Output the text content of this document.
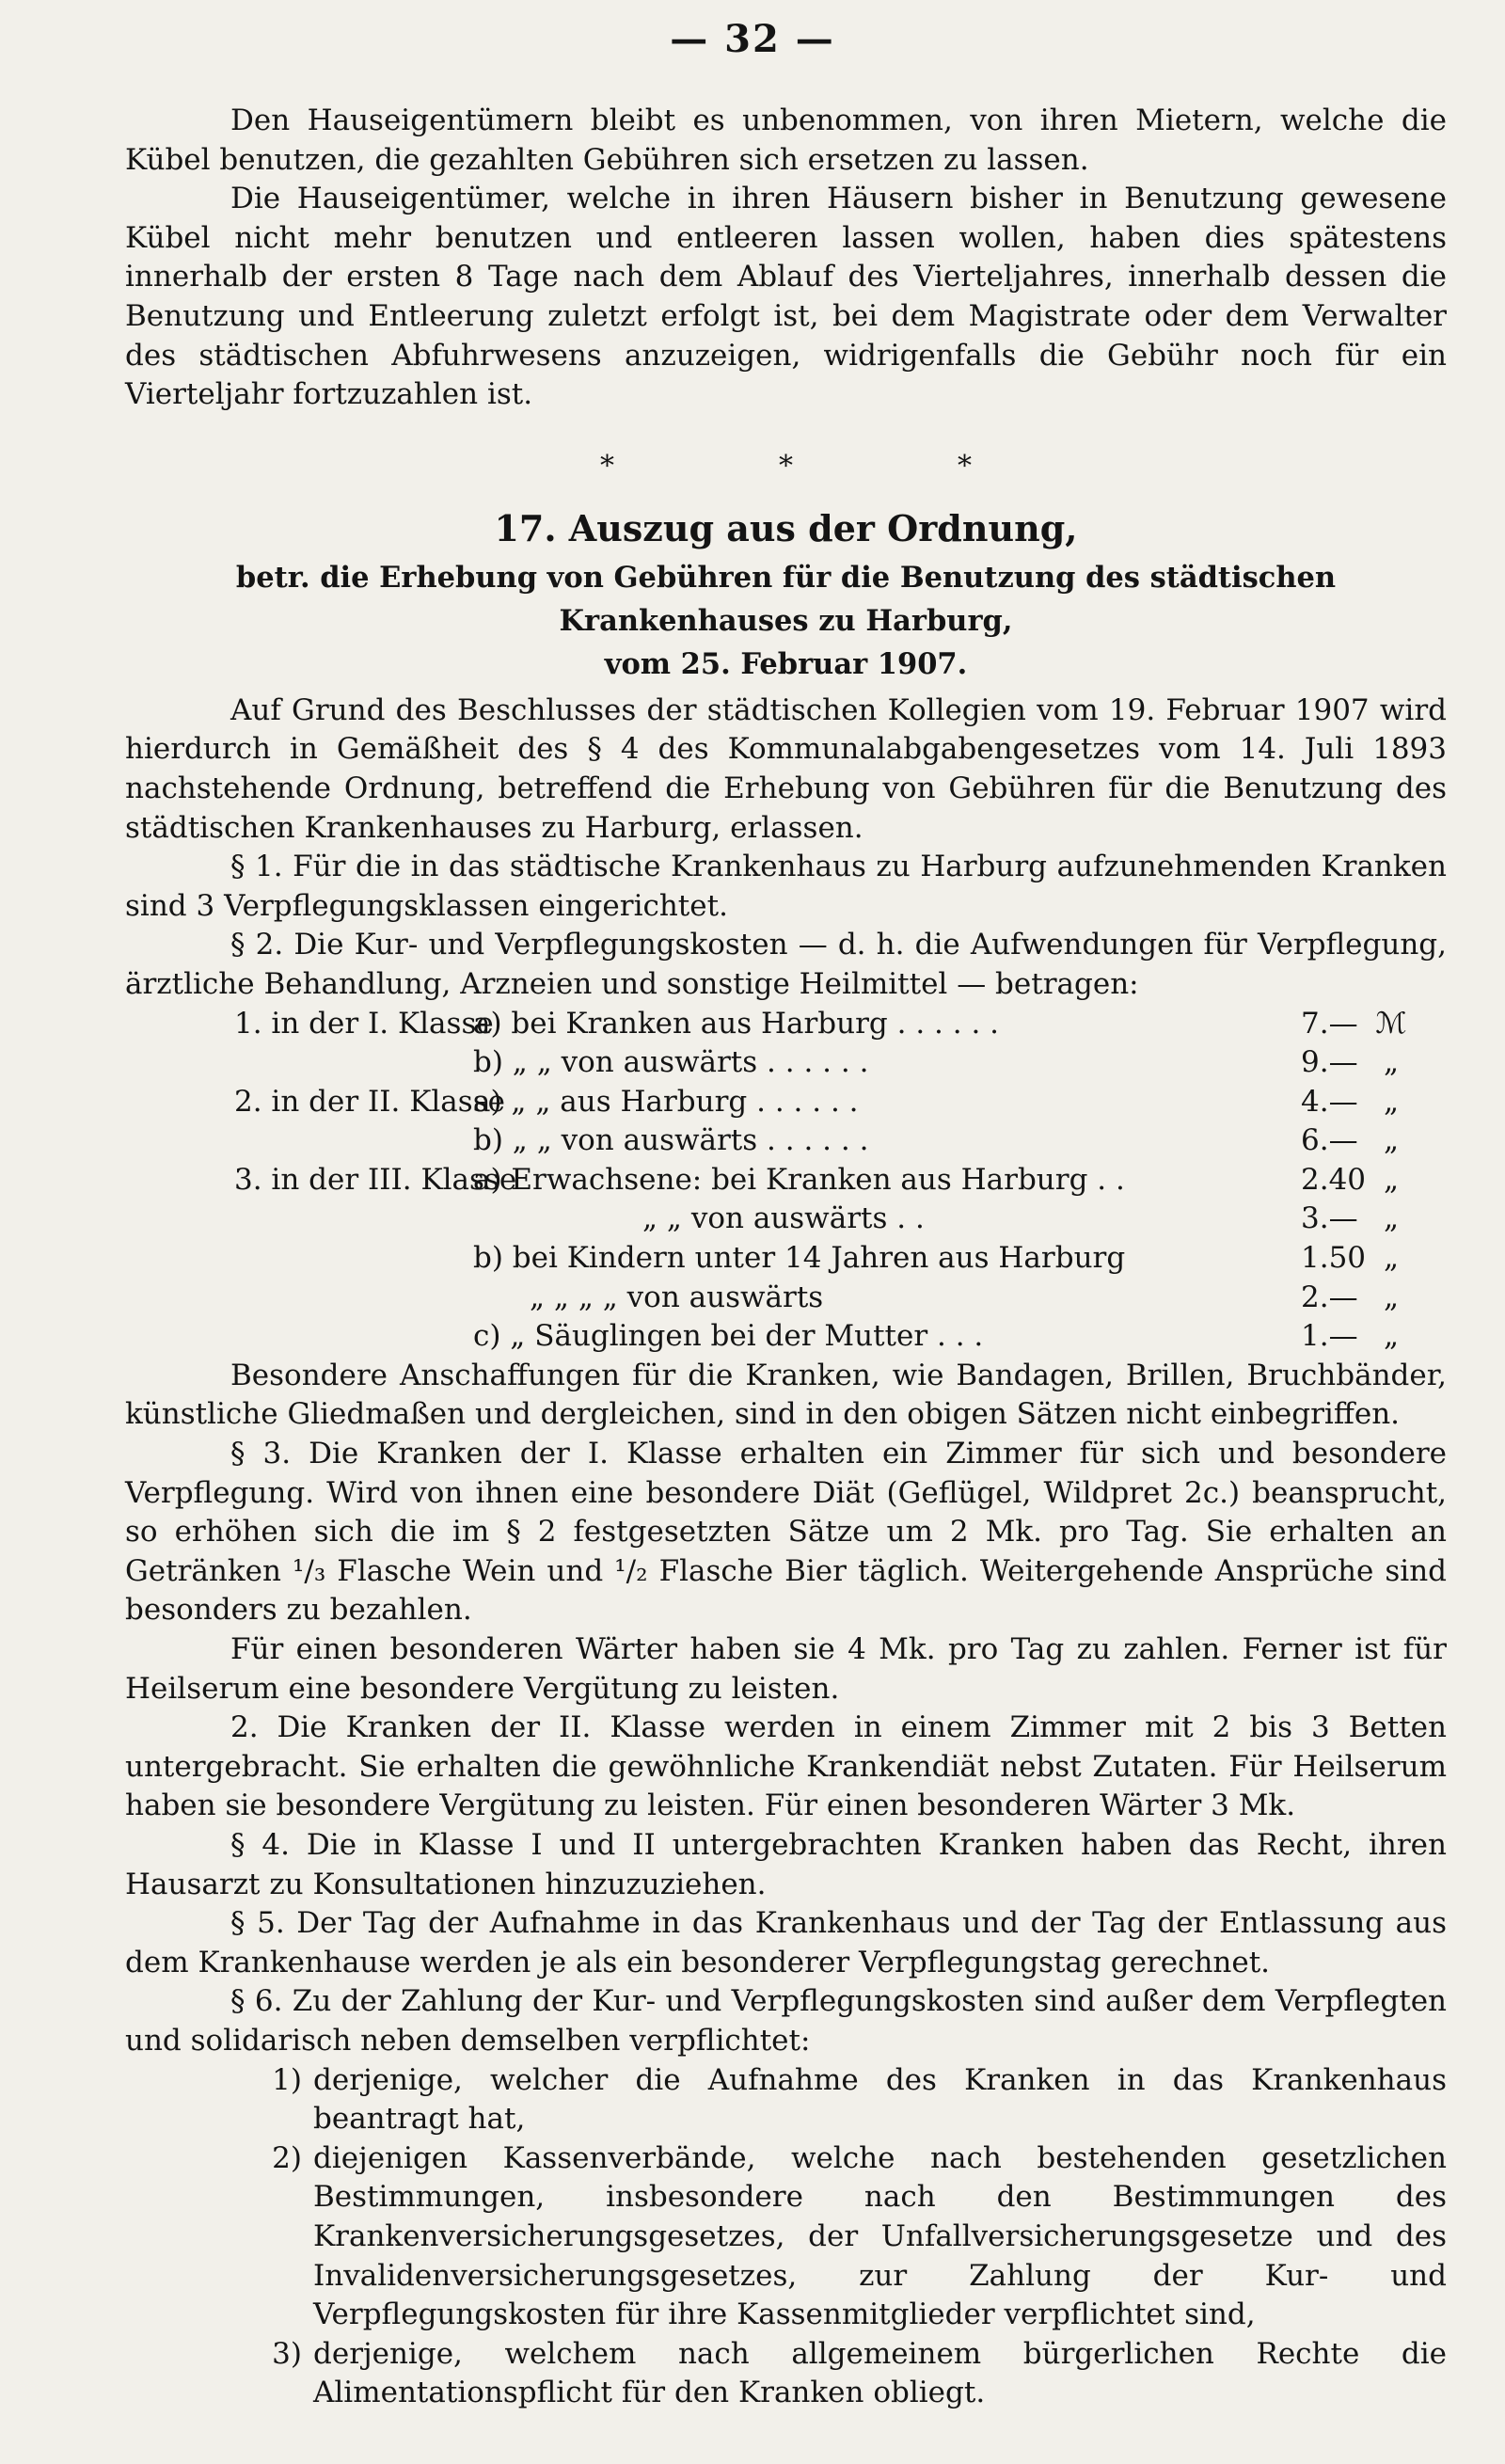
— 32 —

Den Hauseigentümern bleibt es unbenommen, von ihren Mietern, welche die Kübel benutzen, die gezahlten Gebühren sich ersetzen zu lassen.

Die Hauseigentümer, welche in ihren Häusern bisher in Benutzung gewesene Kübel nicht mehr benutzen und entleeren lassen wollen, haben dies spätestens innerhalb der ersten 8 Tage nach dem Ablauf des Vierteljahres, innerhalb dessen die Benutzung und Entleerung zuletzt erfolgt ist, bei dem Magistrate oder dem Verwalter des städtischen Abfuhrwesens anzuzeigen, widrigenfalls die Gebühr noch für ein Vierteljahr fortzuzahlen ist.

*	*	*
17. Auszug aus der Ordnung,
betr. die Erhebung von Gebühren für die Benutzung des städtischen Krankenhauses zu Harburg,
vom 25. Februar 1907.

Auf Grund des Beschlusses der städtischen Kollegien vom 19. Februar 1907 wird hierdurch in Gemäßheit des § 4 des Kommunalabgabengesetzes vom 14. Juli 1893 nachstehende Ordnung, betreffend die Erhebung von Gebühren für die Benutzung des städtischen Krankenhauses zu Harburg, erlassen.

§ 1. Für die in das städtische Krankenhaus zu Harburg aufzunehmenden Kranken sind 3 Verpflegungsklassen eingerichtet.

§ 2. Die Kur- und Verpflegungskosten — d. h. die Aufwendungen für Verpflegung, ärztliche Behandlung, Arzneien und sonstige Heilmittel — betragen:

1. in der I. Klasse
a) bei Kranken aus Harburg . . . . . .	7.— ℳ
b) „ „ von auswärts . . . . . .	9.— „
2. in der II. Klasse
a) „ „ aus Harburg . . . . . .	4.— „
b) „ „ von auswärts . . . . . .	6.— „
3. in der III. Klasse
a) Erwachsene: bei Kranken aus Harburg . .	2.40 „
„ „ von auswärts . .	3.— „
b) bei Kindern unter 14 Jahren aus Harburg	1.50 „
„ „ „ „ von auswärts	2.— „
c) „ Säuglingen bei der Mutter . . .	1.— „

Besondere Anschaffungen für die Kranken, wie Bandagen, Brillen, Bruchbänder, künstliche Gliedmaßen und dergleichen, sind in den obigen Sätzen nicht einbegriffen.

§ 3. Die Kranken der I. Klasse erhalten ein Zimmer für sich und besondere Verpflegung. Wird von ihnen eine besondere Diät (Geflügel, Wildpret 2c.) beansprucht, so erhöhen sich die im § 2 festgesetzten Sätze um 2 Mk. pro Tag. Sie erhalten an Getränken ¹/₃ Flasche Wein und ¹/₂ Flasche Bier täglich. Weitergehende Ansprüche sind besonders zu bezahlen.

Für einen besonderen Wärter haben sie 4 Mk. pro Tag zu zahlen. Ferner ist für Heilserum eine besondere Vergütung zu leisten.

2. Die Kranken der II. Klasse werden in einem Zimmer mit 2 bis 3 Betten untergebracht. Sie erhalten die gewöhnliche Krankendiät nebst Zutaten. Für Heilserum haben sie besondere Vergütung zu leisten. Für einen besonderen Wärter 3 Mk.

§ 4. Die in Klasse I und II untergebrachten Kranken haben das Recht, ihren Hausarzt zu Konsultationen hinzuzuziehen.

§ 5. Der Tag der Aufnahme in das Krankenhaus und der Tag der Entlassung aus dem Krankenhause werden je als ein besonderer Verpflegungstag gerechnet.

§ 6. Zu der Zahlung der Kur- und Verpflegungskosten sind außer dem Verpflegten und solidarisch neben demselben verpflichtet:

1) derjenige, welcher die Aufnahme des Kranken in das Krankenhaus beantragt hat,
2) diejenigen Kassenverbände, welche nach bestehenden gesetzlichen Bestimmungen, insbesondere nach den Bestimmungen des Krankenversicherungsgesetzes, der Unfallversicherungsgesetze und des Invalidenversicherungsgesetzes, zur Zahlung der Kur- und Verpflegungskosten für ihre Kassenmitglieder verpflichtet sind,
3) derjenige, welchem nach allgemeinem bürgerlichen Rechte die Alimentationspflicht für den Kranken obliegt.
